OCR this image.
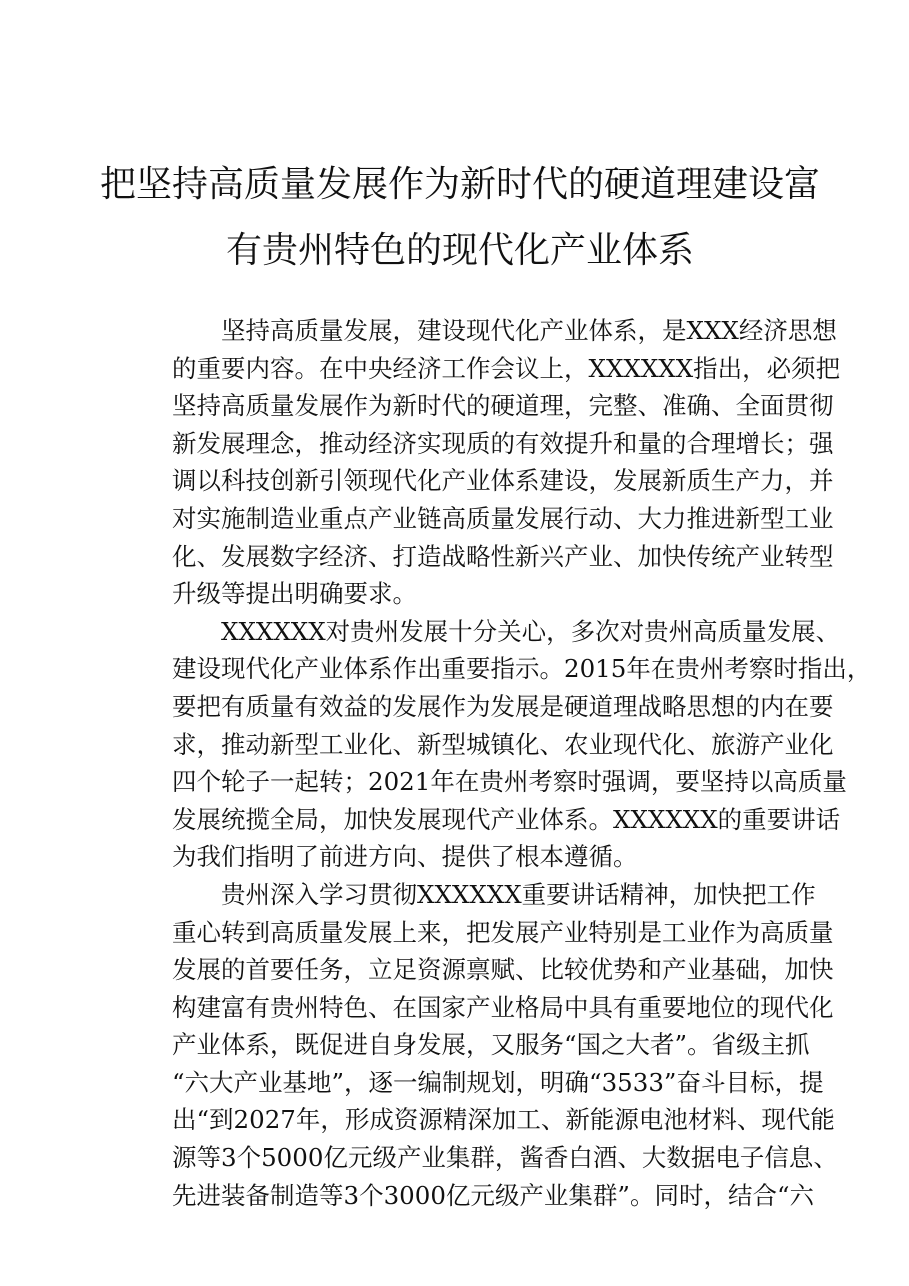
把坚持高质量发展作为新时代的硬道理建设富
有贵州特色的现代化产业体系
坚持高质量发展，建设现代化产业体系，是XXX经济思想
的重要内容。在中央经济工作会议上，XXXXXX指出，必须把
坚持高质量发展作为新时代的硬道理，完整、准确、全面贯彻
新发展理念，推动经济实现质的有效提升和量的合理增长；强
调以科技创新引领现代化产业体系建设，发展新质生产力，并
对实施制造业重点产业链高质量发展行动、大力推进新型工业
化、发展数字经济、打造战略性新兴产业、加快传统产业转型
升级等提出明确要求。
XXXXXX对贵州发展十分关心，多次对贵州高质量发展、
建设现代化产业体系作出重要指示。2015年在贵州考察时指出，
要把有质量有效益的发展作为发展是硬道理战略思想的内在要
求，推动新型工业化、新型城镇化、农业现代化、旅游产业化
四个轮子一起转；2021年在贵州考察时强调，要坚持以高质量
发展统揽全局，加快发展现代产业体系。XXXXXX的重要讲话
为我们指明了前进方向、提供了根本遵循。
贵州深入学习贯彻XXXXXX重要讲话精神，加快把工作
重心转到高质量发展上来，把发展产业特别是工业作为高质量
发展的首要任务，立足资源禀赋、比较优势和产业基础，加快
构建富有贵州特色、在国家产业格局中具有重要地位的现代化
产业体系，既促进自身发展，又服务“国之大者”。省级主抓
“六大产业基地”，逐一编制规划，明确“3533”奋斗目标，提
出“到2027年，形成资源精深加工、新能源电池材料、现代能
源等3个5000亿元级产业集群，酱香白酒、大数据电子信息、
先进装备制造等3个3000亿元级产业集群”。同时，结合“六
